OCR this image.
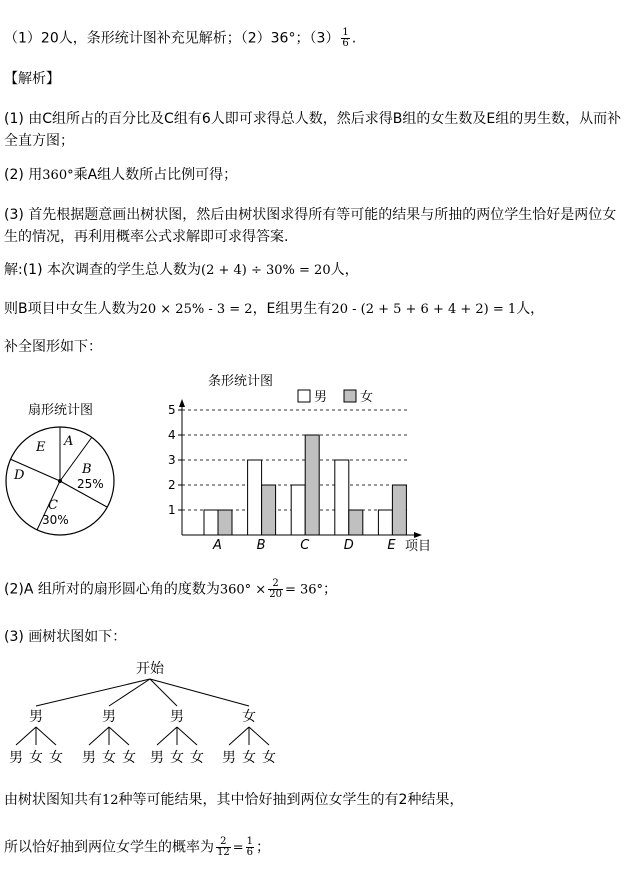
（1）20人，条形统计图补充见解析；（2）36°；$(3) \frac{1}{6}$ .
【解析】
(1) 由C组所占的百分比及C组有6人即可求得总人数，然后求得B组的女生数及E组的男生数，从而补全直方图；
(2) 用360°乘A组人数所占比例可得；
(3) 首先根据题意画出树状图，然后由树状图求得所有等可能的结果与所抽的两位学生恰好是两位女生的情况，再利用概率公式求解即可求得答案.
解:(1) 本次调查的学生总人数为(2 + 4) ÷ 30% = 20人，
则B项目中女生人数为20 × 25% - 3 = 2，E组男生有20 - (2 + 5 + 6 + 4 + 2) = 1人，
补全图形如下：
扇形统计图
A
B
25%
C
30%
D
E
条形统计图
男	女
1
2
3
4
5
A	B	C	D	E 项目
(2)A 组所对的扇形圆心角的度数为$360^\circ \times \frac{2}{20} = 36^\circ$；
(3) 画树状图如下：
开始
男
男 女 女
男
男 女 女
男
男 女 女
女
男 女 女
由树状图知共有12种等可能结果，其中恰好抽到两位女学生的有2种结果，
所以恰好抽到两位女学生的概率为 $\frac{2}{12} = \frac{1}{6}$ ；
